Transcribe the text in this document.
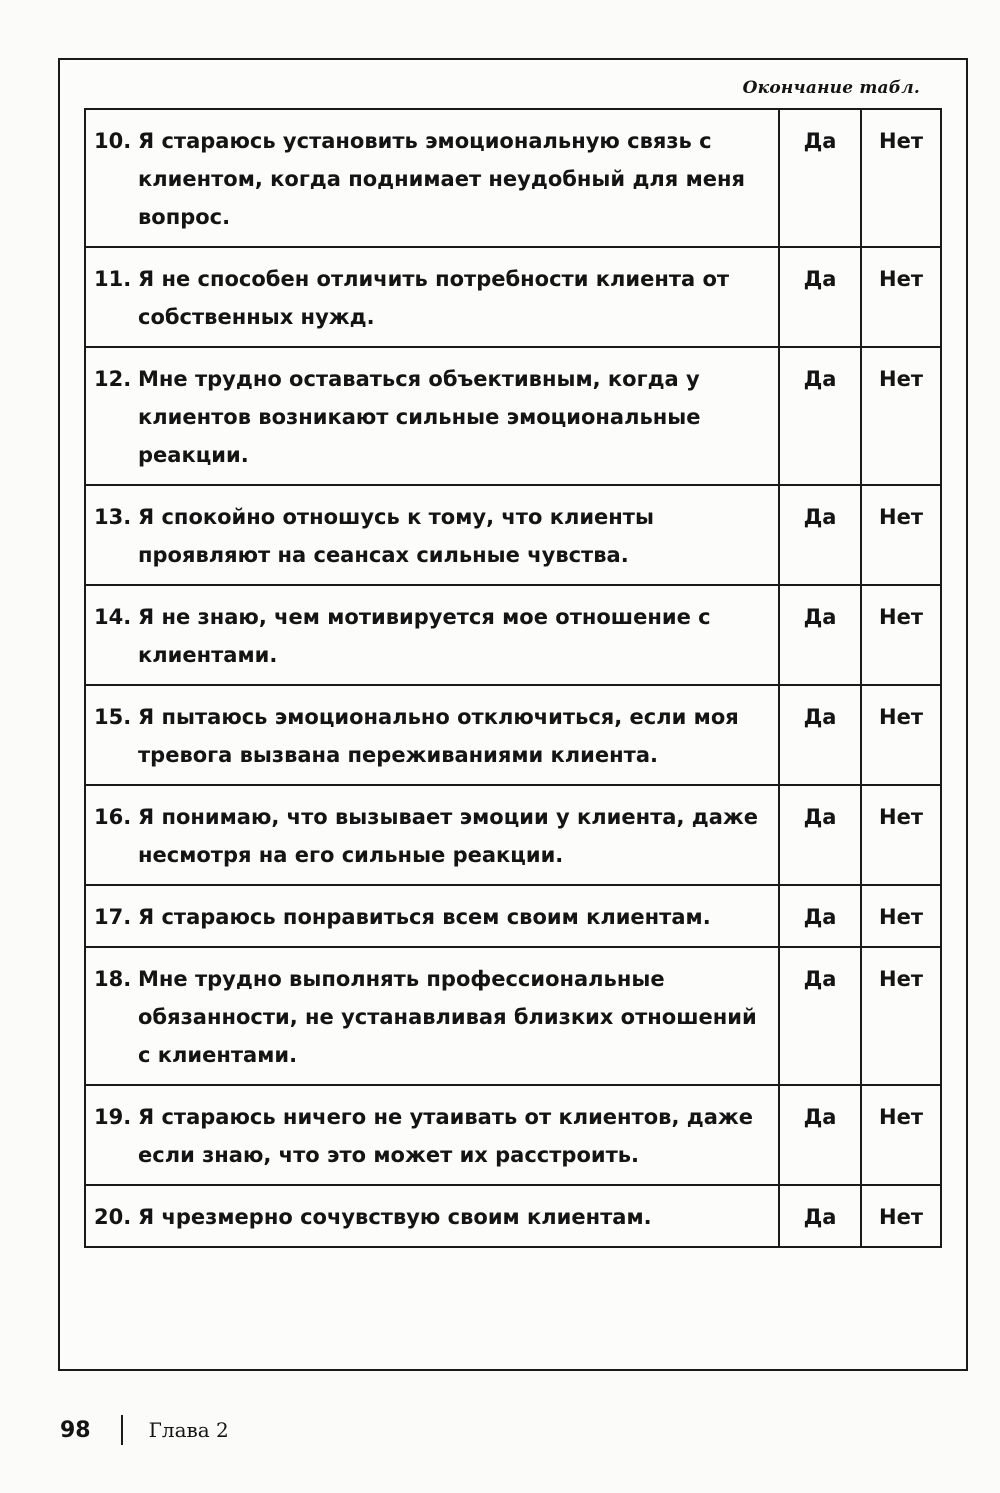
Окончание табл.
10. Я стараюсь установить эмоциональную связь с клиентом, когда поднимает неудобный для меня вопрос.	Да	Нет

11. Я не способен отличить потребности клиента от собственных нужд.	Да	Нет

12. Мне трудно оставаться объективным, когда у клиентов возникают сильные эмоциональные реакции.	Да	Нет

13. Я спокойно отношусь к тому, что клиенты проявляют на сеансах сильные чувства.	Да	Нет

14. Я не знаю, чем мотивируется мое отношение с клиентами.	Да	Нет

15. Я пытаюсь эмоционально отключиться, если моя тревога вызвана переживаниями клиента.	Да	Нет

16. Я понимаю, что вызывает эмоции у клиента, даже несмотря на его сильные реакции.	Да	Нет

17. Я стараюсь понравиться всем своим клиентам.	Да	Нет

18. Мне трудно выполнять профессиональные обязанности, не устанавливая близких отношений с клиентами.	Да	Нет

19. Я стараюсь ничего не утаивать от клиентов, даже если знаю, что это может их расстроить.	Да	Нет

20. Я чрезмерно сочувствую своим клиентам.	Да	Нет
98	Глава 2
